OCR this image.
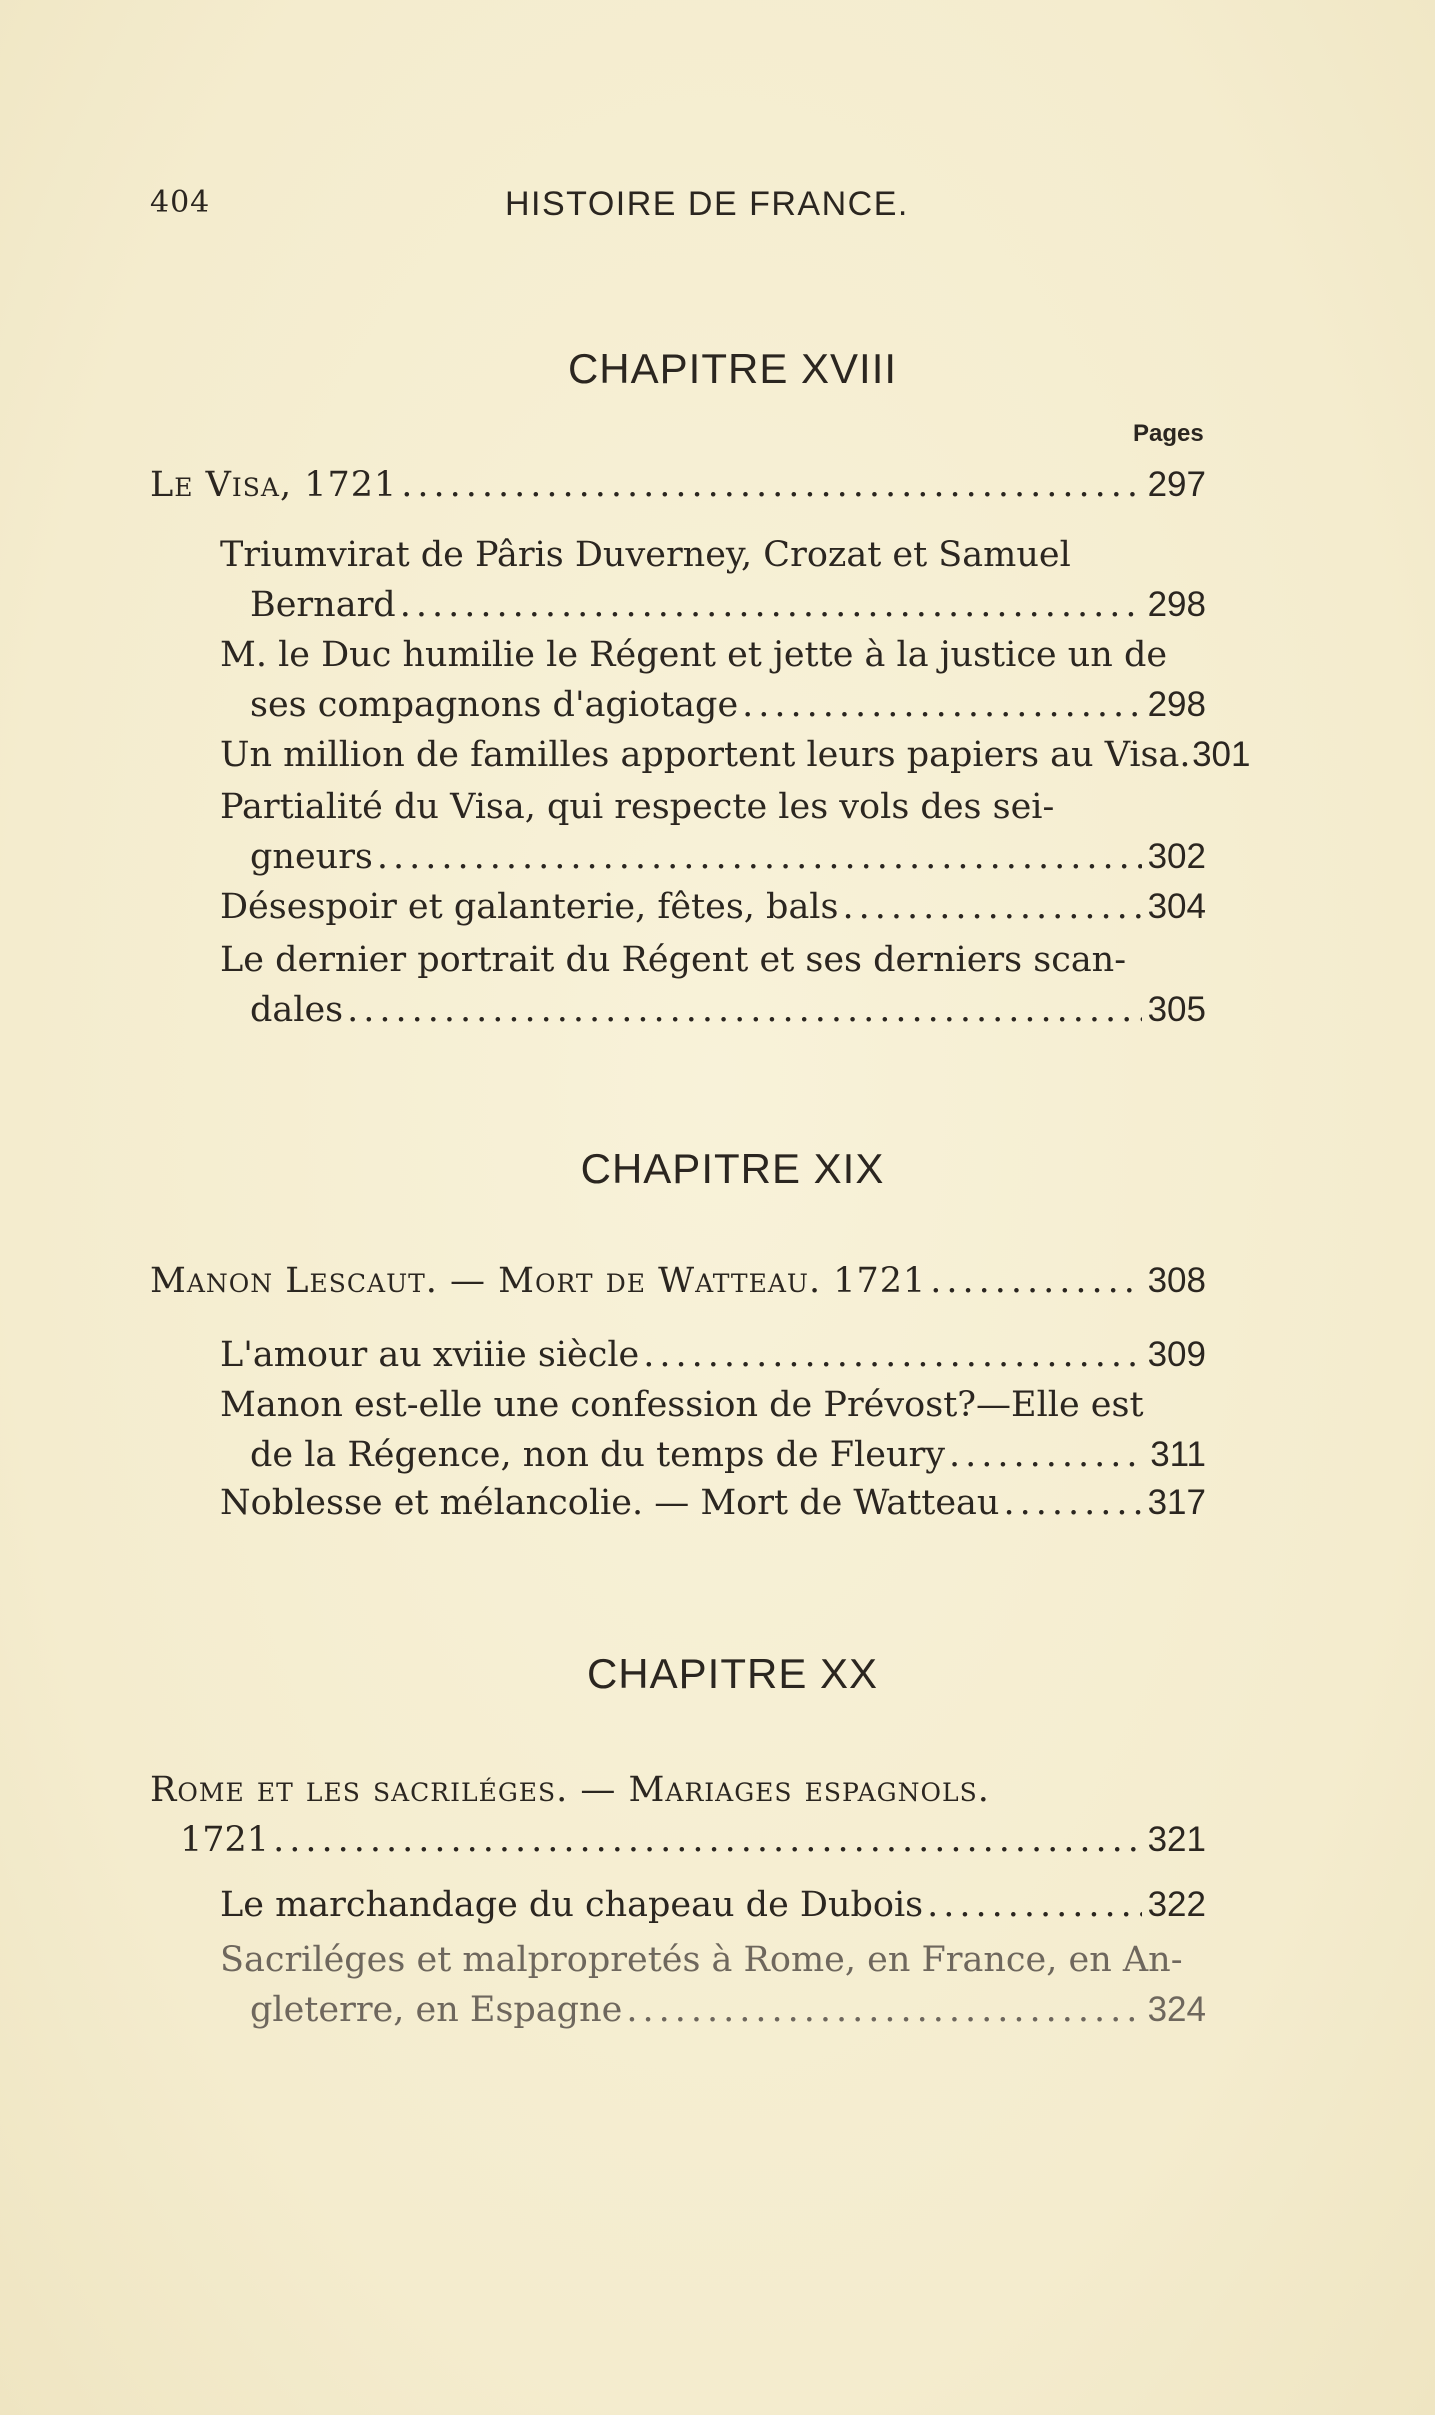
404	HISTOIRE DE FRANCE.
CHAPITRE XVIII
Pages
Le Visa, 1721 .....	297
Triumvirat de Pâris Duverney, Crozat et Samuel
Bernard .....	298
M. le Duc humilie le Régent et jette à la justice un de
ses compagnons d'agiotage .....	298
Un million de familles apportent leurs papiers au Visa. 301
Partialité du Visa, qui respecte les vols des sei-
gneurs .....	302
Désespoir et galanterie, fêtes, bals .....	304
Le dernier portrait du Régent et ses derniers scan-
dales .....	305
CHAPITRE XIX
Manon Lescaut. — Mort de Watteau. 1721 .....	308
L'amour au xviiie siècle .....	309
Manon est-elle une confession de Prévost?—Elle est
de la Régence, non du temps de Fleury .....	311
Noblesse et mélancolie. — Mort de Watteau .....	317
CHAPITRE XX
Rome et les sacriléges. — Mariages espagnols.
1721 .....	321
Le marchandage du chapeau de Dubois .....	322
Sacriléges et malpropretés à Rome, en France, en An-
gleterre, en Espagne .....	324
